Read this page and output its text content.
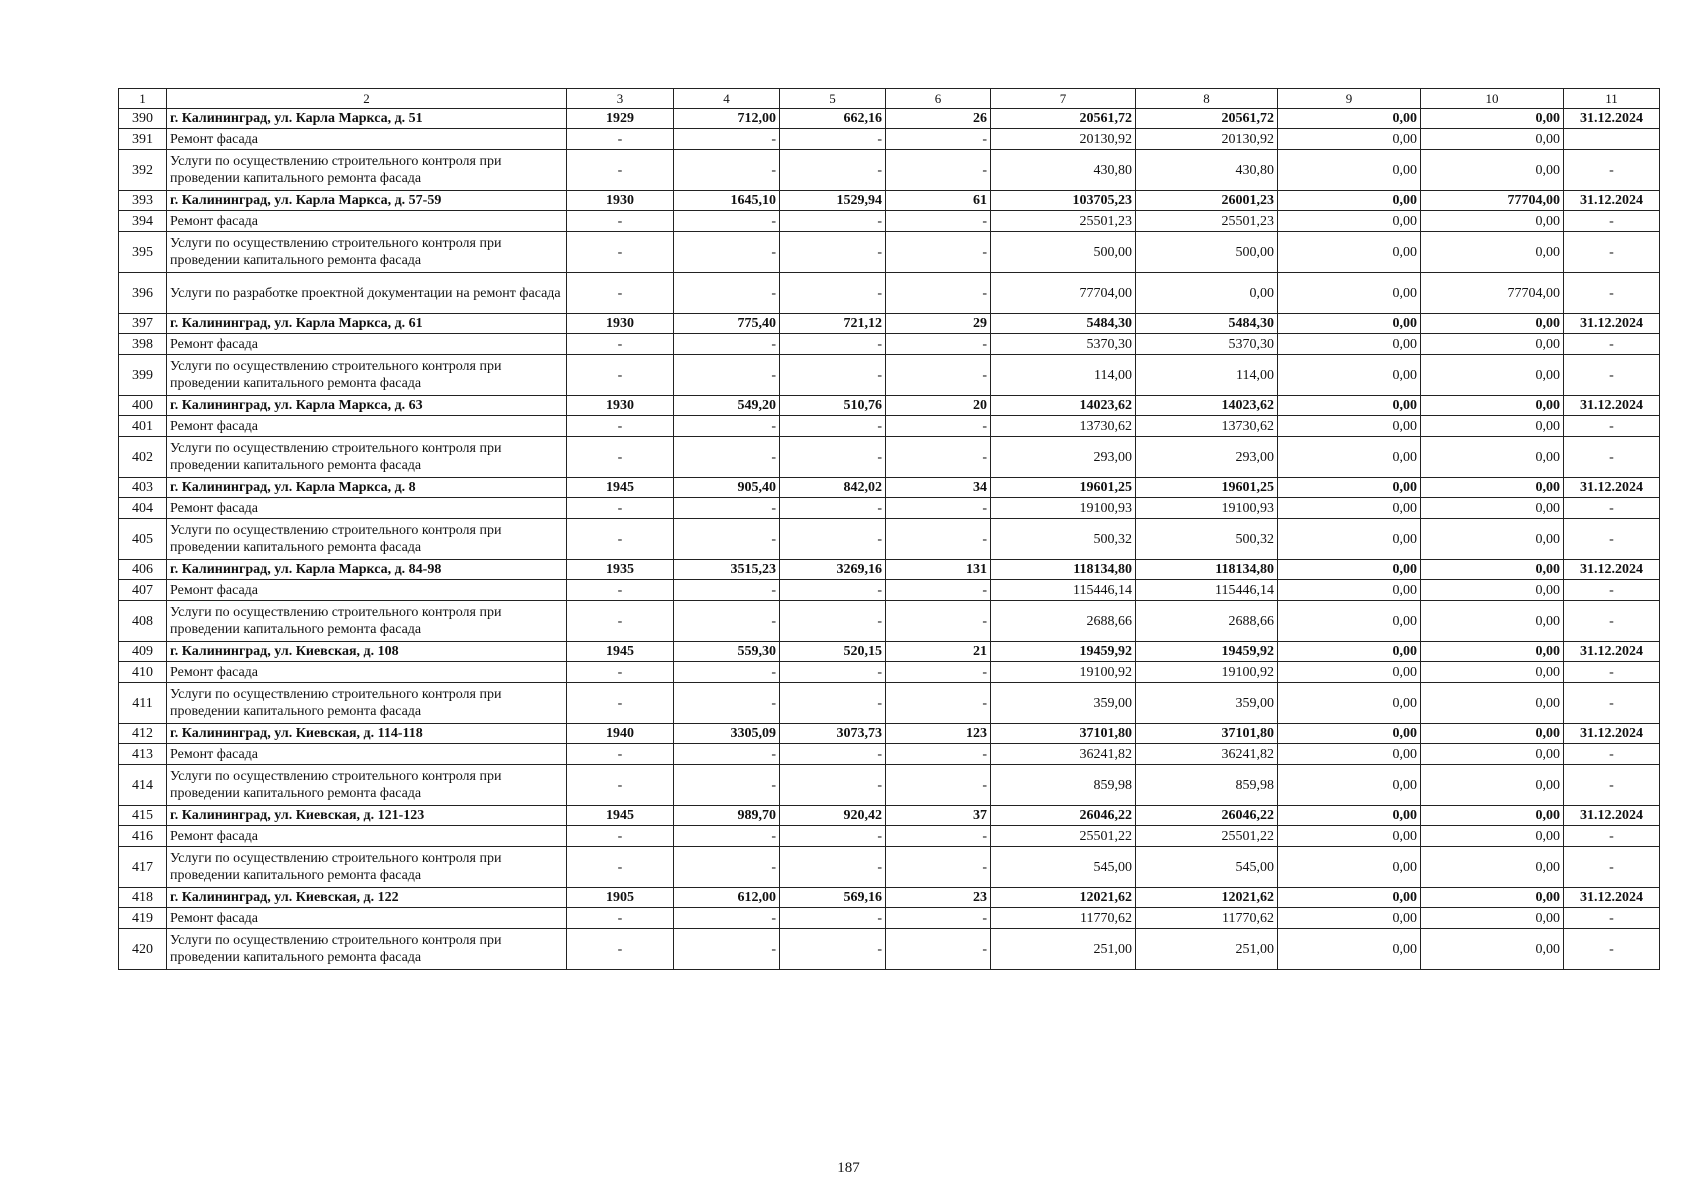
1	2	3	4	5	6	7	8	9	10	11
390	г. Калининград, ул. Карла Маркса, д. 51	1929	712,00	662,16	26	20561,72	20561,72	0,00	0,00	31.12.2024
391	Ремонт фасада	-	-	-	-	20130,92	20130,92	0,00	0,00	
392	Услуги по осуществлению строительного контроля при проведении капитального ремонта фасада	-	-	-	-	430,80	430,80	0,00	0,00	-
393	г. Калининград, ул. Карла Маркса, д. 57-59	1930	1645,10	1529,94	61	103705,23	26001,23	0,00	77704,00	31.12.2024
394	Ремонт фасада	-	-	-	-	25501,23	25501,23	0,00	0,00	-
395	Услуги по осуществлению строительного контроля при проведении капитального ремонта фасада	-	-	-	-	500,00	500,00	0,00	0,00	-
396	Услуги по разработке проектной документации на ремонт фасада	-	-	-	-	77704,00	0,00	0,00	77704,00	-
397	г. Калининград, ул. Карла Маркса, д. 61	1930	775,40	721,12	29	5484,30	5484,30	0,00	0,00	31.12.2024
398	Ремонт фасада	-	-	-	-	5370,30	5370,30	0,00	0,00	-
399	Услуги по осуществлению строительного контроля при проведении капитального ремонта фасада	-	-	-	-	114,00	114,00	0,00	0,00	-
400	г. Калининград, ул. Карла Маркса, д. 63	1930	549,20	510,76	20	14023,62	14023,62	0,00	0,00	31.12.2024
401	Ремонт фасада	-	-	-	-	13730,62	13730,62	0,00	0,00	-
402	Услуги по осуществлению строительного контроля при проведении капитального ремонта фасада	-	-	-	-	293,00	293,00	0,00	0,00	-
403	г. Калининград, ул. Карла Маркса, д. 8	1945	905,40	842,02	34	19601,25	19601,25	0,00	0,00	31.12.2024
404	Ремонт фасада	-	-	-	-	19100,93	19100,93	0,00	0,00	-
405	Услуги по осуществлению строительного контроля при проведении капитального ремонта фасада	-	-	-	-	500,32	500,32	0,00	0,00	-
406	г. Калининград, ул. Карла Маркса, д. 84-98	1935	3515,23	3269,16	131	118134,80	118134,80	0,00	0,00	31.12.2024
407	Ремонт фасада	-	-	-	-	115446,14	115446,14	0,00	0,00	-
408	Услуги по осуществлению строительного контроля при проведении капитального ремонта фасада	-	-	-	-	2688,66	2688,66	0,00	0,00	-
409	г. Калининград, ул. Киевская, д. 108	1945	559,30	520,15	21	19459,92	19459,92	0,00	0,00	31.12.2024
410	Ремонт фасада	-	-	-	-	19100,92	19100,92	0,00	0,00	-
411	Услуги по осуществлению строительного контроля при проведении капитального ремонта фасада	-	-	-	-	359,00	359,00	0,00	0,00	-
412	г. Калининград, ул. Киевская, д. 114-118	1940	3305,09	3073,73	123	37101,80	37101,80	0,00	0,00	31.12.2024
413	Ремонт фасада	-	-	-	-	36241,82	36241,82	0,00	0,00	-
414	Услуги по осуществлению строительного контроля при проведении капитального ремонта фасада	-	-	-	-	859,98	859,98	0,00	0,00	-
415	г. Калининград, ул. Киевская, д. 121-123	1945	989,70	920,42	37	26046,22	26046,22	0,00	0,00	31.12.2024
416	Ремонт фасада	-	-	-	-	25501,22	25501,22	0,00	0,00	-
417	Услуги по осуществлению строительного контроля при проведении капитального ремонта фасада	-	-	-	-	545,00	545,00	0,00	0,00	-
418	г. Калининград, ул. Киевская, д. 122	1905	612,00	569,16	23	12021,62	12021,62	0,00	0,00	31.12.2024
419	Ремонт фасада	-	-	-	-	11770,62	11770,62	0,00	0,00	-
420	Услуги по осуществлению строительного контроля при проведении капитального ремонта фасада	-	-	-	-	251,00	251,00	0,00	0,00	-
187
